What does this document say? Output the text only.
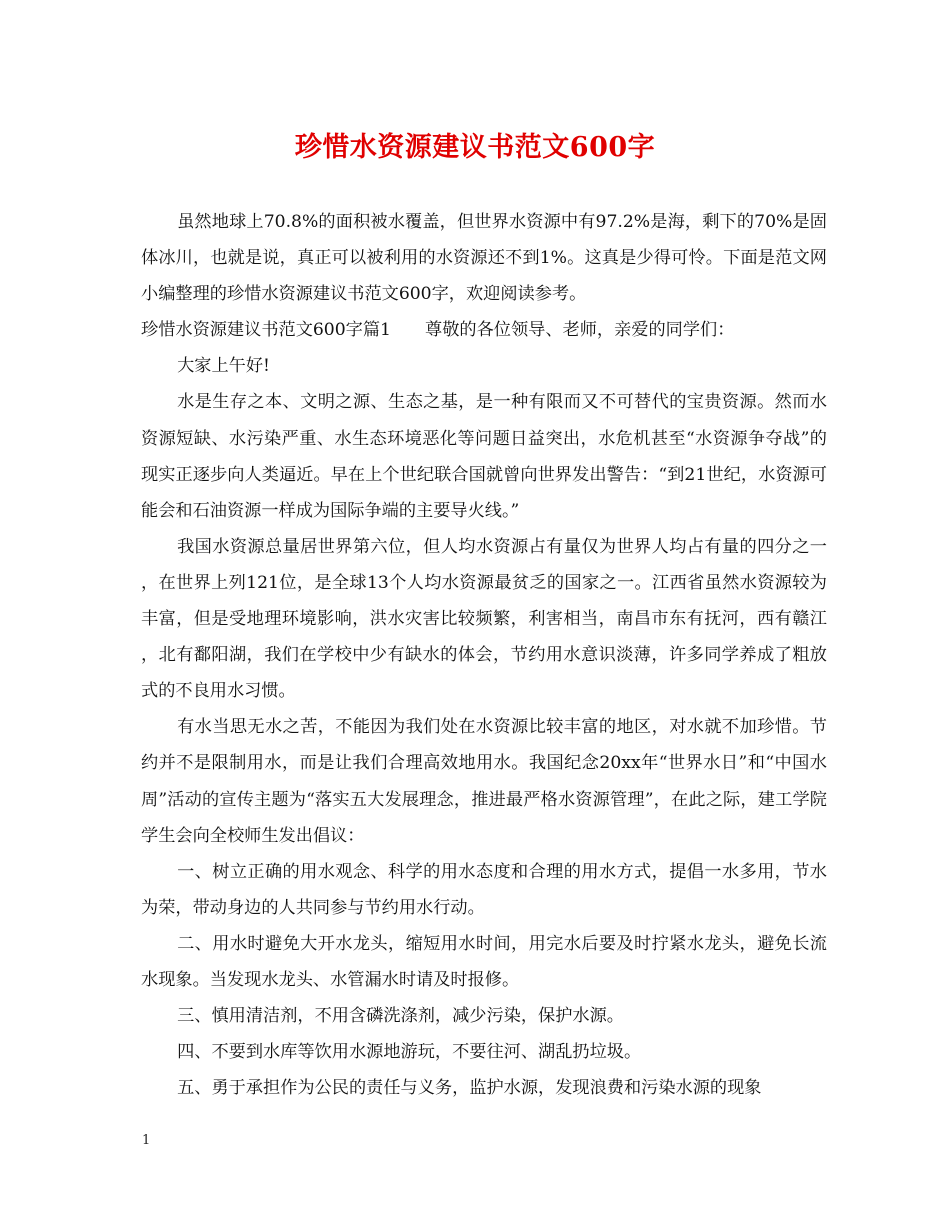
珍惜水资源建议书范文600字

虽然地球上70.8%的面积被水覆盖，但世界水资源中有97.2%是海，剩下的70%是固体冰川，也就是说，真正可以被利用的水资源还不到1%。这真是少得可怜。下面是范文网小编整理的珍惜水资源建议书范文600字，欢迎阅读参考。

珍惜水资源建议书范文600字篇1 尊敬的各位领导、老师，亲爱的同学们：

大家上午好!

水是生存之本、文明之源、生态之基，是一种有限而又不可替代的宝贵资源。然而水资源短缺、水污染严重、水生态环境恶化等问题日益突出，水危机甚至“水资源争夺战”的现实正逐步向人类逼近。早在上个世纪联合国就曾向世界发出警告：“到21世纪，水资源可能会和石油资源一样成为国际争端的主要导火线。”

我国水资源总量居世界第六位，但人均水资源占有量仅为世界人均占有量的四分之一，在世界上列121位，是全球13个人均水资源最贫乏的国家之一。江西省虽然水资源较为丰富，但是受地理环境影响，洪水灾害比较频繁，利害相当，南昌市东有抚河，西有赣江，北有鄱阳湖，我们在学校中少有缺水的体会，节约用水意识淡薄，许多同学养成了粗放式的不良用水习惯。

有水当思无水之苦，不能因为我们处在水资源比较丰富的地区，对水就不加珍惜。节约并不是限制用水，而是让我们合理高效地用水。我国纪念20xx年“世界水日”和“中国水周”活动的宣传主题为“落实五大发展理念，推进最严格水资源管理”，在此之际，建工学院学生会向全校师生发出倡议：

一、树立正确的用水观念、科学的用水态度和合理的用水方式，提倡一水多用，节水为荣，带动身边的人共同参与节约用水行动。

二、用水时避免大开水龙头，缩短用水时间，用完水后要及时拧紧水龙头，避免长流水现象。当发现水龙头、水管漏水时请及时报修。

三、慎用清洁剂，不用含磷洗涤剂，减少污染，保护水源。

四、不要到水库等饮用水源地游玩，不要往河、湖乱扔垃圾。

五、勇于承担作为公民的责任与义务，监护水源，发现浪费和污染水源的现象

1
